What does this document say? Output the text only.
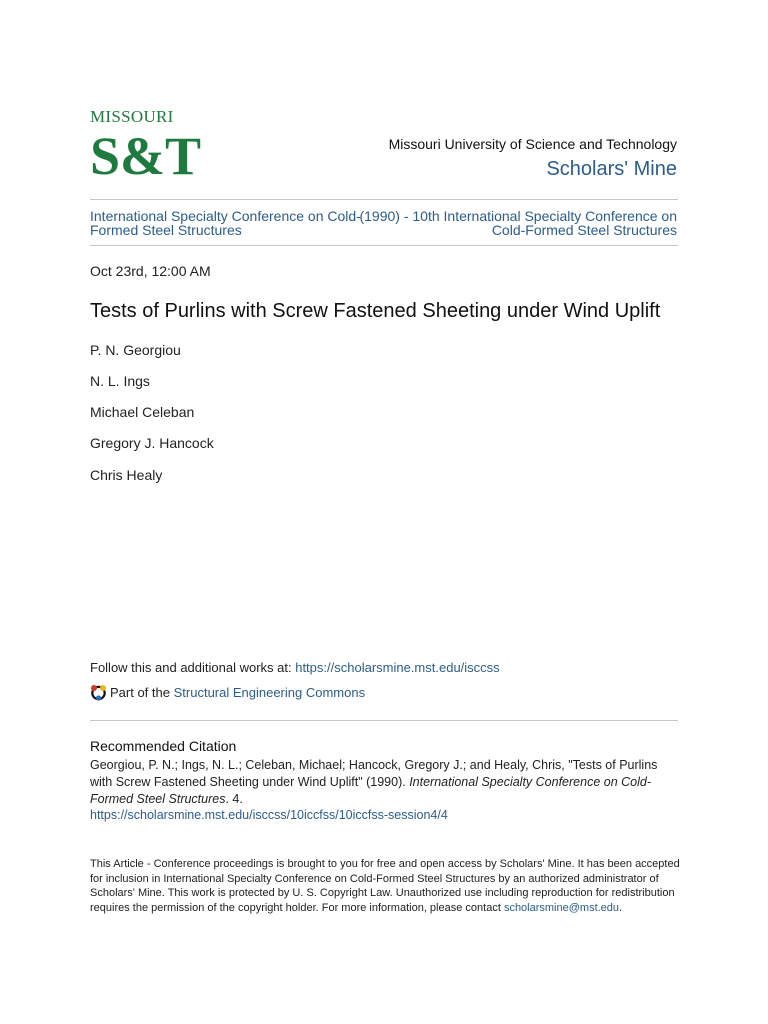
MISSOURI
S&T	Missouri University of Science and Technology
Scholars' Mine
International Specialty Conference on Cold-Formed Steel Structures
(1990) - 10th International Specialty Conference on Cold-Formed Steel Structures
Oct 23rd, 12:00 AM
Tests of Purlins with Screw Fastened Sheeting under Wind Uplift
P. N. Georgiou
N. L. Ings
Michael Celeban
Gregory J. Hancock
Chris Healy
Follow this and additional works at: https://scholarsmine.mst.edu/isccss
Part of the
Structural Engineering Commons
Recommended Citation
Georgiou, P. N.; Ings, N. L.; Celeban, Michael; Hancock, Gregory J.; and Healy, Chris, "Tests of Purlins with Screw Fastened Sheeting under Wind Uplift" (1990). International Specialty Conference on Cold-Formed Steel Structures. 4.
https://scholarsmine.mst.edu/isccss/10iccfss/10iccfss-session4/4
This Article - Conference proceedings is brought to you for free and open access by Scholars' Mine. It has been accepted for inclusion in International Specialty Conference on Cold-Formed Steel Structures by an authorized administrator of Scholars' Mine. This work is protected by U. S. Copyright Law. Unauthorized use including reproduction for redistribution requires the permission of the copyright holder. For more information, please contact scholarsmine@mst.edu.
